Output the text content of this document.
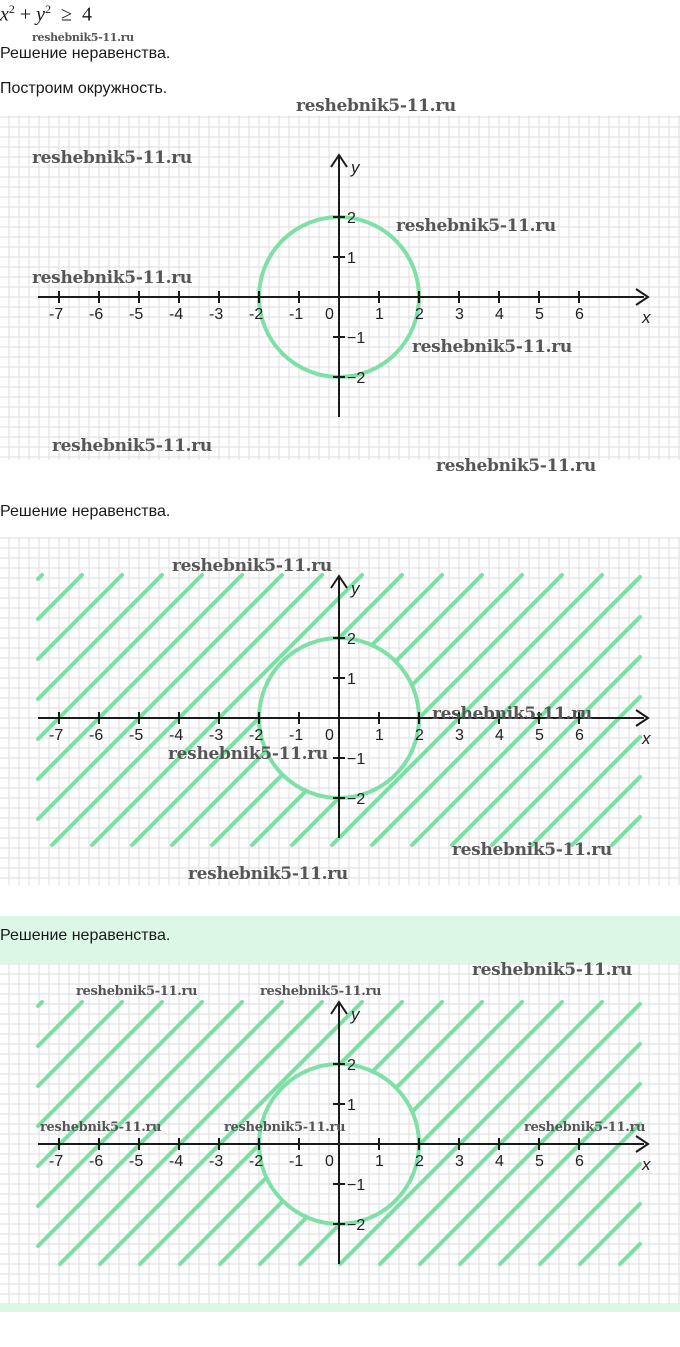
$x^2 + y^2 \ge 4$
reshebnik5-11.ru
Решение неравенства.
Построим окружность.
-7 -6 -5 -4 -3 -2 -1 0	1 2 3 4 5 6
2
1
−1
−2
x
y
reshebnik5-11.ru
reshebnik5-11.ru
reshebnik5-11.ru
reshebnik5-11.ru
reshebnik5-11.ru
reshebnik5-11.ru
reshebnik5-11.ru
Решение неравенства.
-7 -6 -5 -4 -3 -2 -1 0	1 2 3 4 5 6
2
1
−1
−2
x
y
reshebnik5-11.ru
reshebnik5-11.ru
reshebnik5-11.ru
reshebnik5-11.ru
reshebnik5-11.ru
Решение неравенства.
-7 -6 -5 -4 -3 -2 -1 0	1 2 3 4 5 6
2
1
−1
−2
x
y
reshebnik5-11.ru
reshebnik5-11.ru	reshebnik5-11.ru
reshebnik5-11.ru	reshebnik5-11.ru	reshebnik5-11.ru
